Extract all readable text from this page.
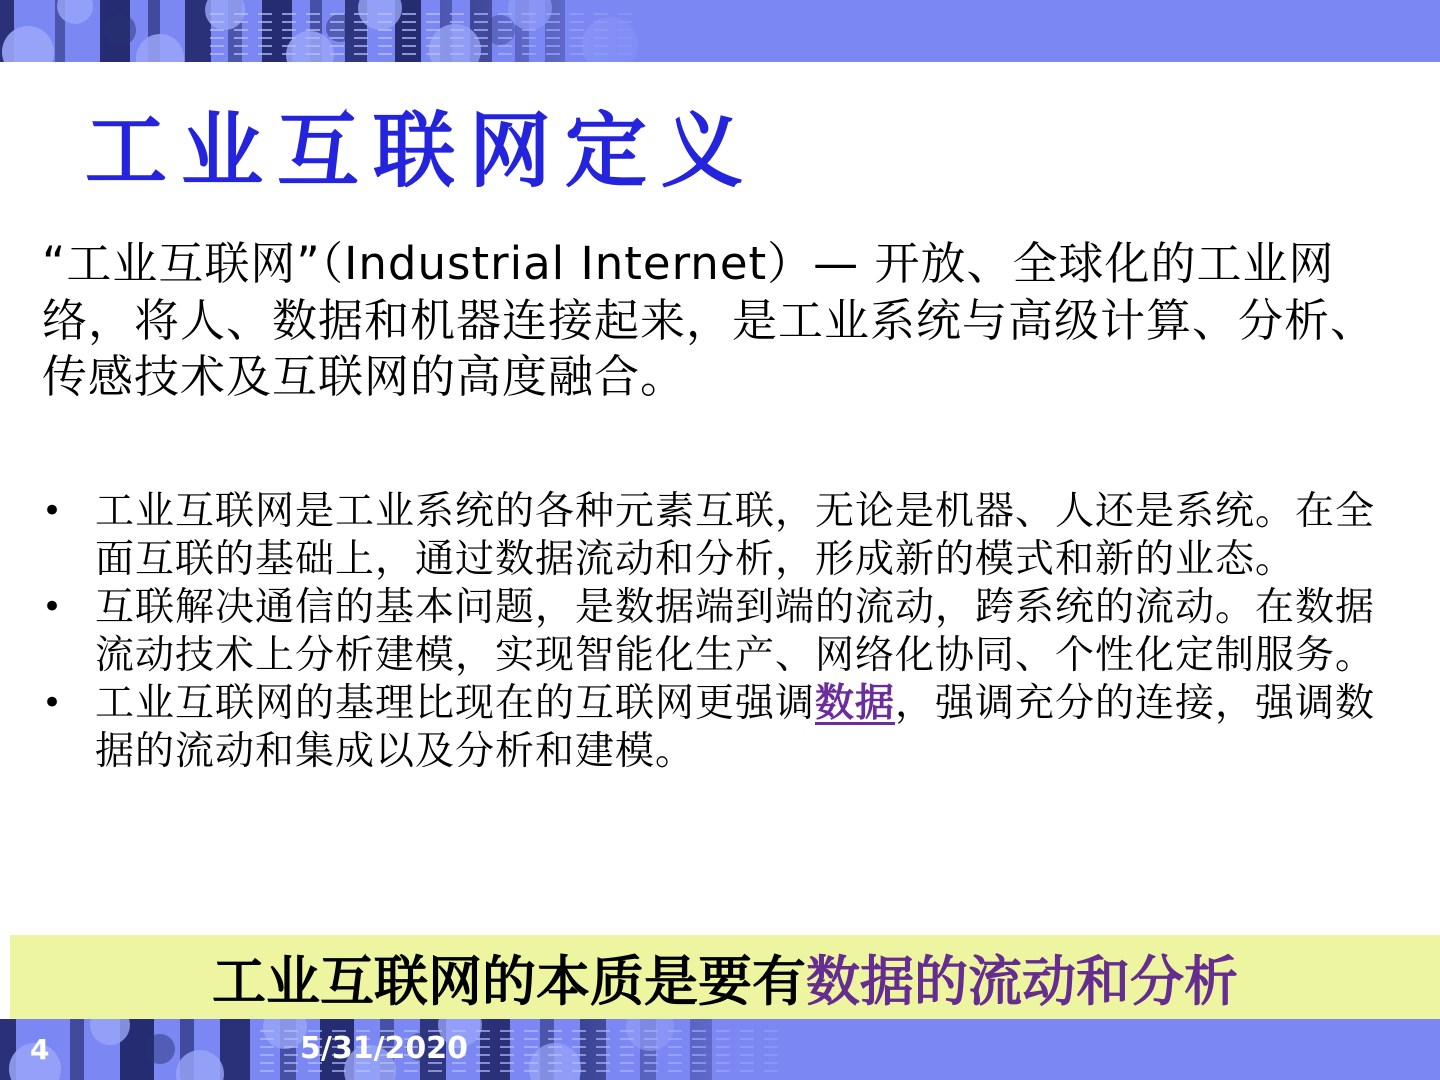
工业互联网定义
“工业互联网”（Industrial Internet）— 开放、全球化的工业网络，将人、数据和机器连接起来，是工业系统与高级计算、分析、传感技术及互联网的高度融合。
• 工业互联网是工业系统的各种元素互联，无论是机器、人还是系统。在全面互联的基础上，通过数据流动和分析，形成新的模式和新的业态。
• 互联解决通信的基本问题，是数据端到端的流动，跨系统的流动。在数据流动技术上分析建模，实现智能化生产、网络化协同、个性化定制服务。
• 工业互联网的基理比现在的互联网更强调数据，强调充分的连接，强调数据的流动和集成以及分析和建模。
工业互联网的本质是要有 数据的流动和分析
4	5/31/2020
